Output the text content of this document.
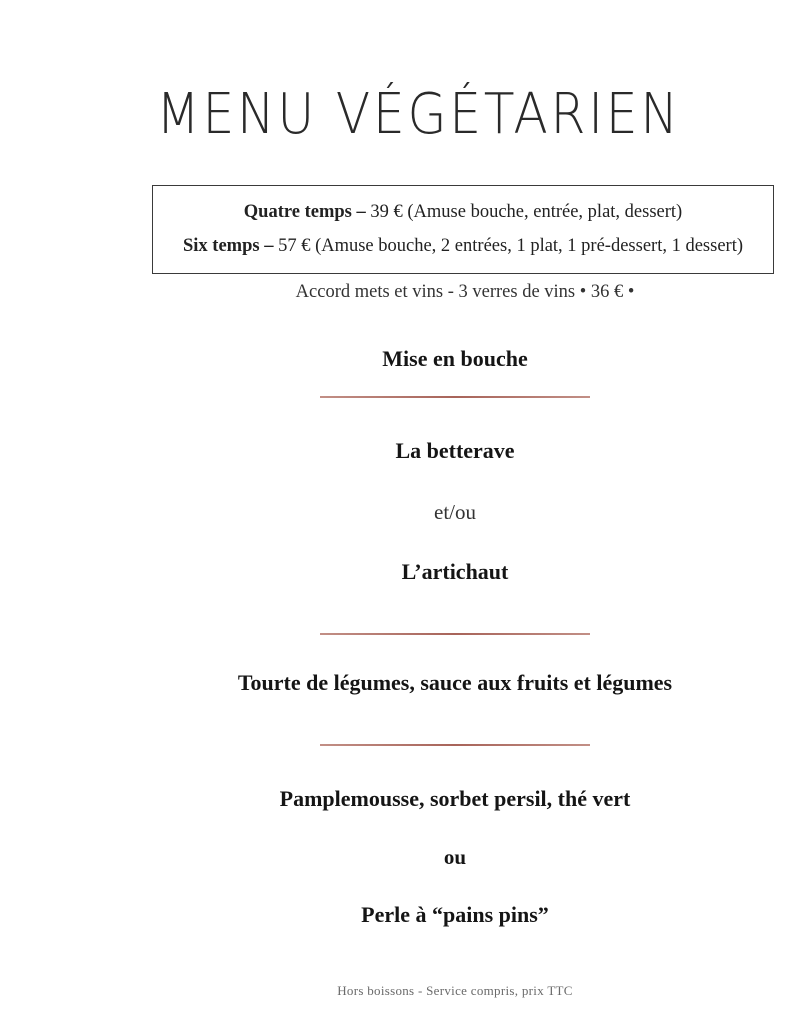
MENU VÉGÉTARIEN
Quatre temps – 39 € (Amuse bouche, entrée, plat, dessert)
Six temps – 57 € (Amuse bouche, 2 entrées, 1 plat, 1 pré-dessert, 1 dessert)
Accord mets et vins - 3 verres de vins • 36 € •
Mise en bouche
La betterave
et/ou
L’artichaut
Tourte de légumes, sauce aux fruits et légumes
Pamplemousse, sorbet persil, thé vert
ou
Perle à “pains pins”
Hors boissons - Service compris, prix TTC
